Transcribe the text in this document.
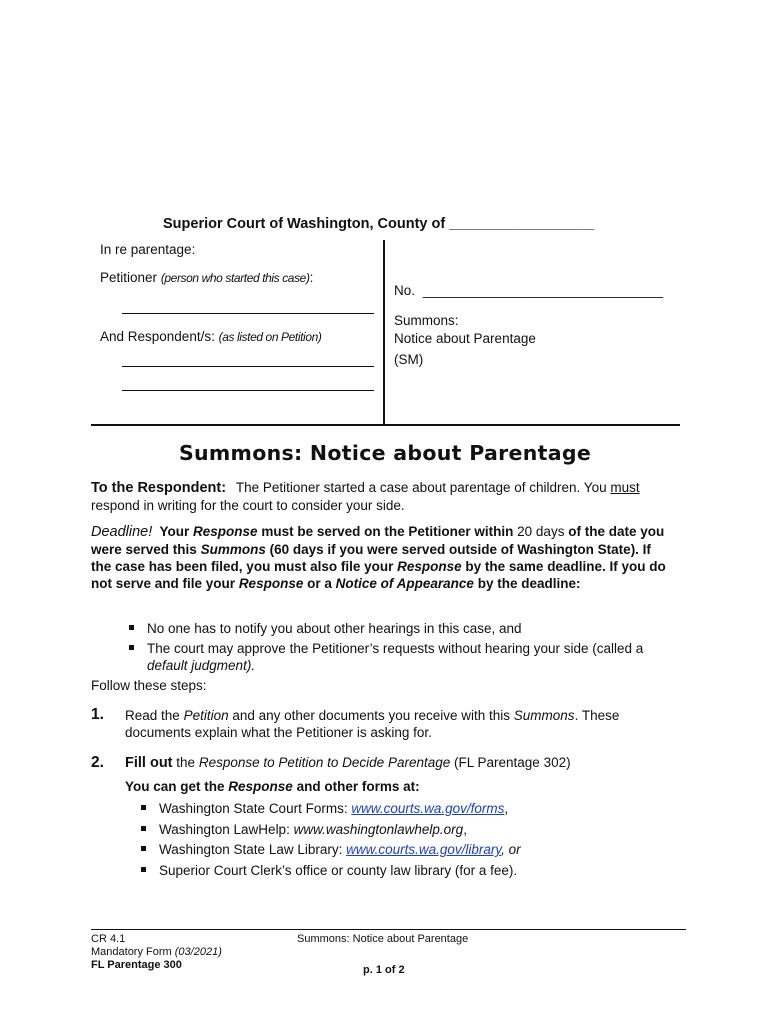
Superior Court of Washington, County of __________________
In re parentage:
Petitioner (person who started this case):
And Respondent/s: (as listed on Petition)
No. ________________________________
Summons:
Notice about Parentage
(SM)
Summons: Notice about Parentage
To the Respondent: The Petitioner started a case about parentage of children. You must respond in writing for the court to consider your side.
Deadline! Your Response must be served on the Petitioner within 20 days of the date you were served this Summons (60 days if you were served outside of Washington State). If the case has been filed, you must also file your Response by the same deadline. If you do not serve and file your Response or a Notice of Appearance by the deadline:
No one has to notify you about other hearings in this case, and
The court may approve the Petitioner’s requests without hearing your side (called a default judgment).
Follow these steps:
1. Read the Petition and any other documents you receive with this Summons. These
documents explain what the Petitioner is asking for.
2. Fill out the Response to Petition to Decide Parentage (FL Parentage 302)
You can get the Response and other forms at:
Washington State Court Forms: www.courts.wa.gov/forms,
Washington LawHelp: www.washingtonlawhelp.org,
Washington State Law Library: www.courts.wa.gov/library, or
Superior Court Clerk’s office or county law library (for a fee).
CR 4.1
Mandatory Form (03/2021)
FL Parentage 300
Summons: Notice about Parentage
p. 1 of 2
